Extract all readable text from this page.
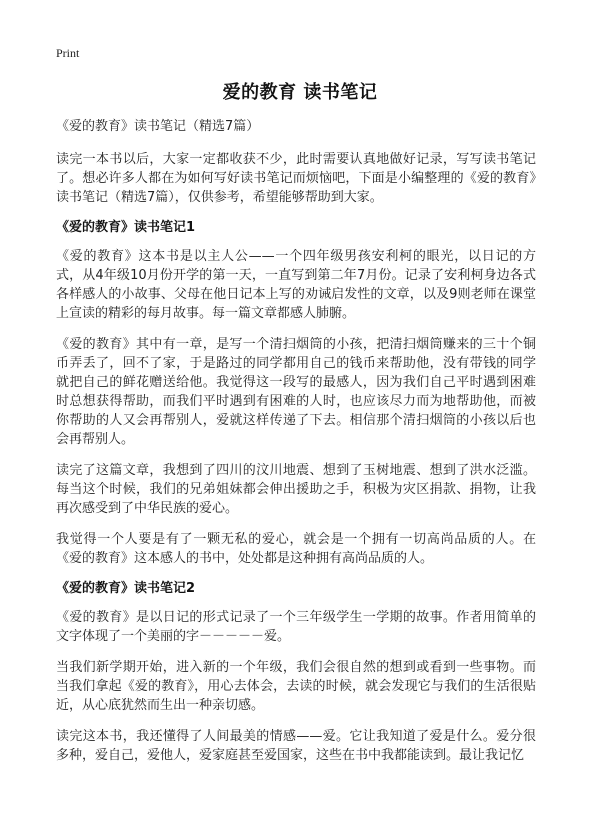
Print
爱的教育 读书笔记

《爱的教育》读书笔记（精选7篇）

读完一本书以后，大家一定都收获不少，此时需要认真地做好记录，写写读书笔记了。想必许多人都在为如何写好读书笔记而烦恼吧，下面是小编整理的《爱的教育》读书笔记（精选7篇），仅供参考，希望能够帮助到大家。

《爱的教育》读书笔记1

《爱的教育》这本书是以主人公——一个四年级男孩安利柯的眼光，以日记的方式，从4年级10月份开学的第一天，一直写到第二年7月份。记录了安利柯身边各式各样感人的小故事、父母在他日记本上写的劝诫启发性的文章，以及9则老师在课堂上宣读的精彩的每月故事。每一篇文章都感人肺腑。

《爱的教育》其中有一章，是写一个清扫烟筒的小孩，把清扫烟筒赚来的三十个铜币弄丢了，回不了家，于是路过的同学都用自己的钱币来帮助他，没有带钱的同学就把自己的鲜花赠送给他。我觉得这一段写的最感人，因为我们自己平时遇到困难时总想获得帮助，而我们平时遇到有困难的人时，也应该尽力而为地帮助他，而被你帮助的人又会再帮别人，爱就这样传递了下去。相信那个清扫烟筒的小孩以后也会再帮别人。

读完了这篇文章，我想到了四川的汶川地震、想到了玉树地震、想到了洪水泛滥。每当这个时候，我们的兄弟姐妹都会伸出援助之手，积极为灾区捐款、捐物，让我再次感受到了中华民族的爱心。

我觉得一个人要是有了一颗无私的爱心，就会是一个拥有一切高尚品质的人。在《爱的教育》这本感人的书中，处处都是这种拥有高尚品质的人。

《爱的教育》读书笔记2

《爱的教育》是以日记的形式记录了一个三年级学生一学期的故事。作者用简单的文字体现了一个美丽的字－－－－－爱。

当我们新学期开始，进入新的一个年级，我们会很自然的想到或看到一些事物。而当我们拿起《爱的教育》，用心去体会，去读的时候，就会发现它与我们的生活很贴近，从心底犹然而生出一种亲切感。

读完这本书，我还懂得了人间最美的情感——爱。它让我知道了爱是什么。爱分很多种，爱自己，爱他人，爱家庭甚至爱国家，这些在书中我都能读到。最让我记忆
